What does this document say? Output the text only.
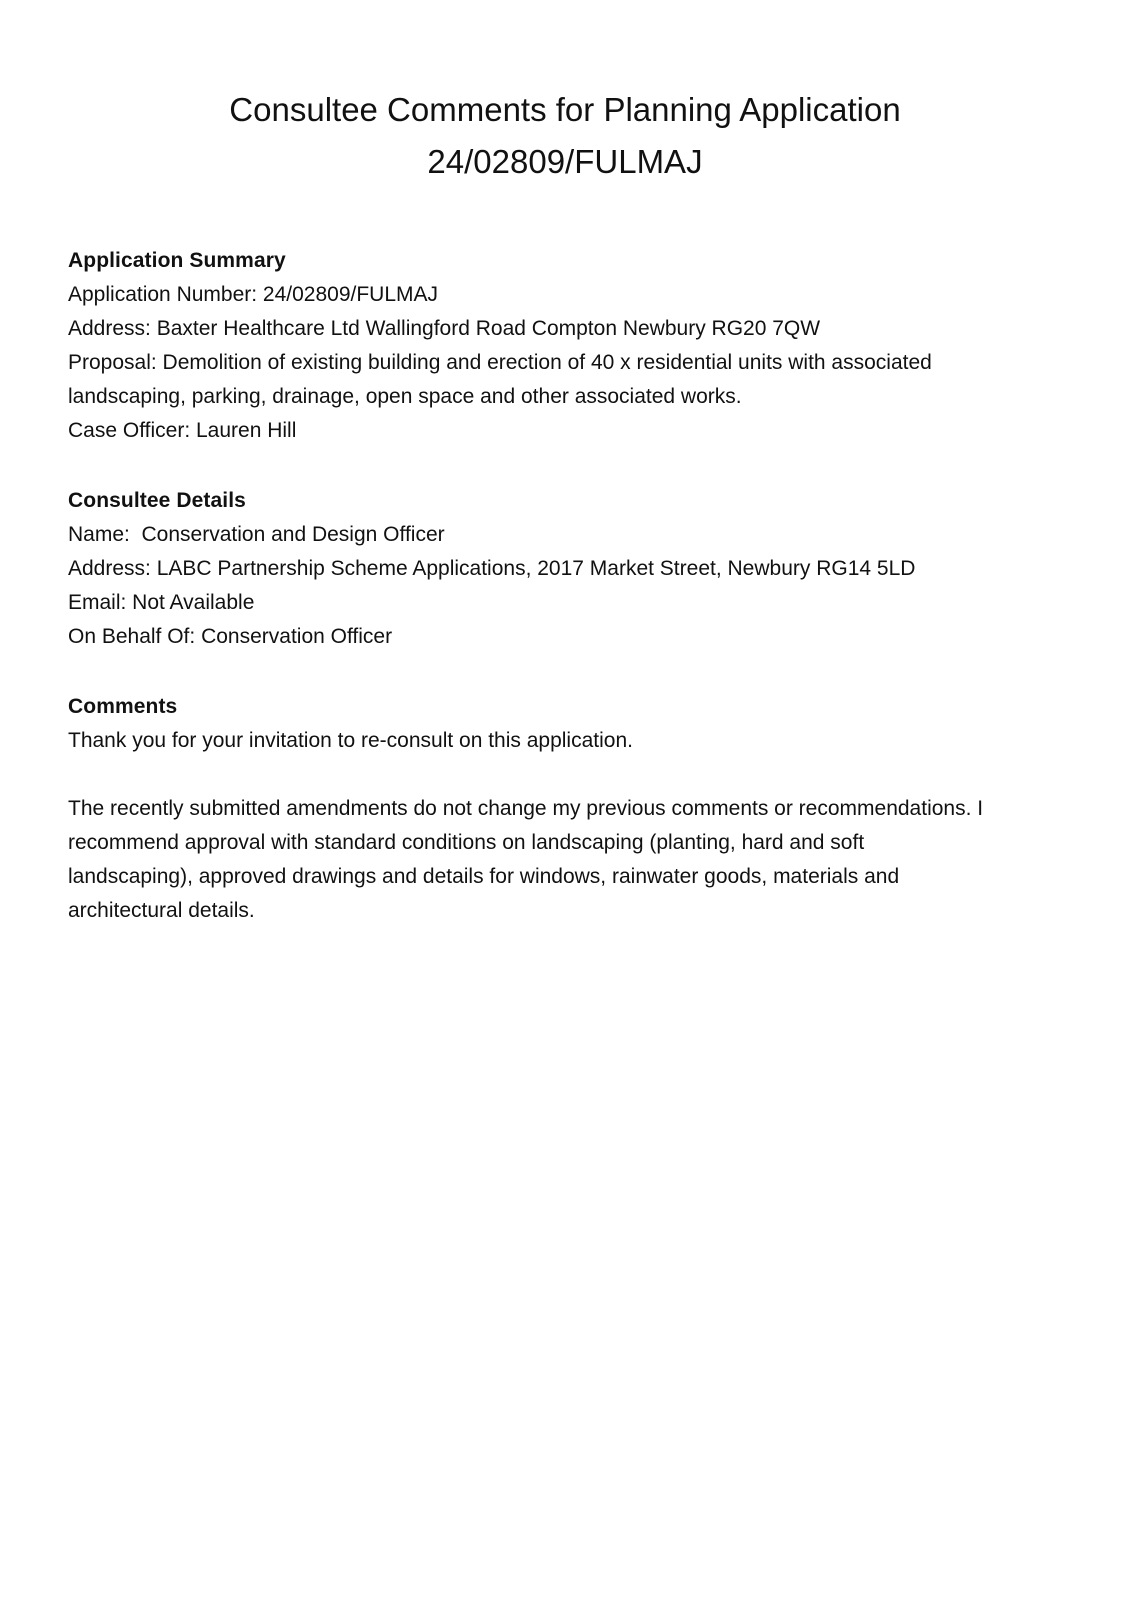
Consultee Comments for Planning Application
24/02809/FULMAJ

Application Summary

Application Number: 24/02809/FULMAJ

Address: Baxter Healthcare Ltd Wallingford Road Compton Newbury RG20 7QW

Proposal: Demolition of existing building and erection of 40 x residential units with associated

landscaping, parking, drainage, open space and other associated works.

Case Officer: Lauren Hill

Consultee Details

Name:  Conservation and Design Officer

Address: LABC Partnership Scheme Applications, 2017 Market Street, Newbury RG14 5LD

Email: Not Available

On Behalf Of: Conservation Officer

Comments

Thank you for your invitation to re-consult on this application.

The recently submitted amendments do not change my previous comments or recommendations. I

recommend approval with standard conditions on landscaping (planting, hard and soft

landscaping), approved drawings and details for windows, rainwater goods, materials and

architectural details.
